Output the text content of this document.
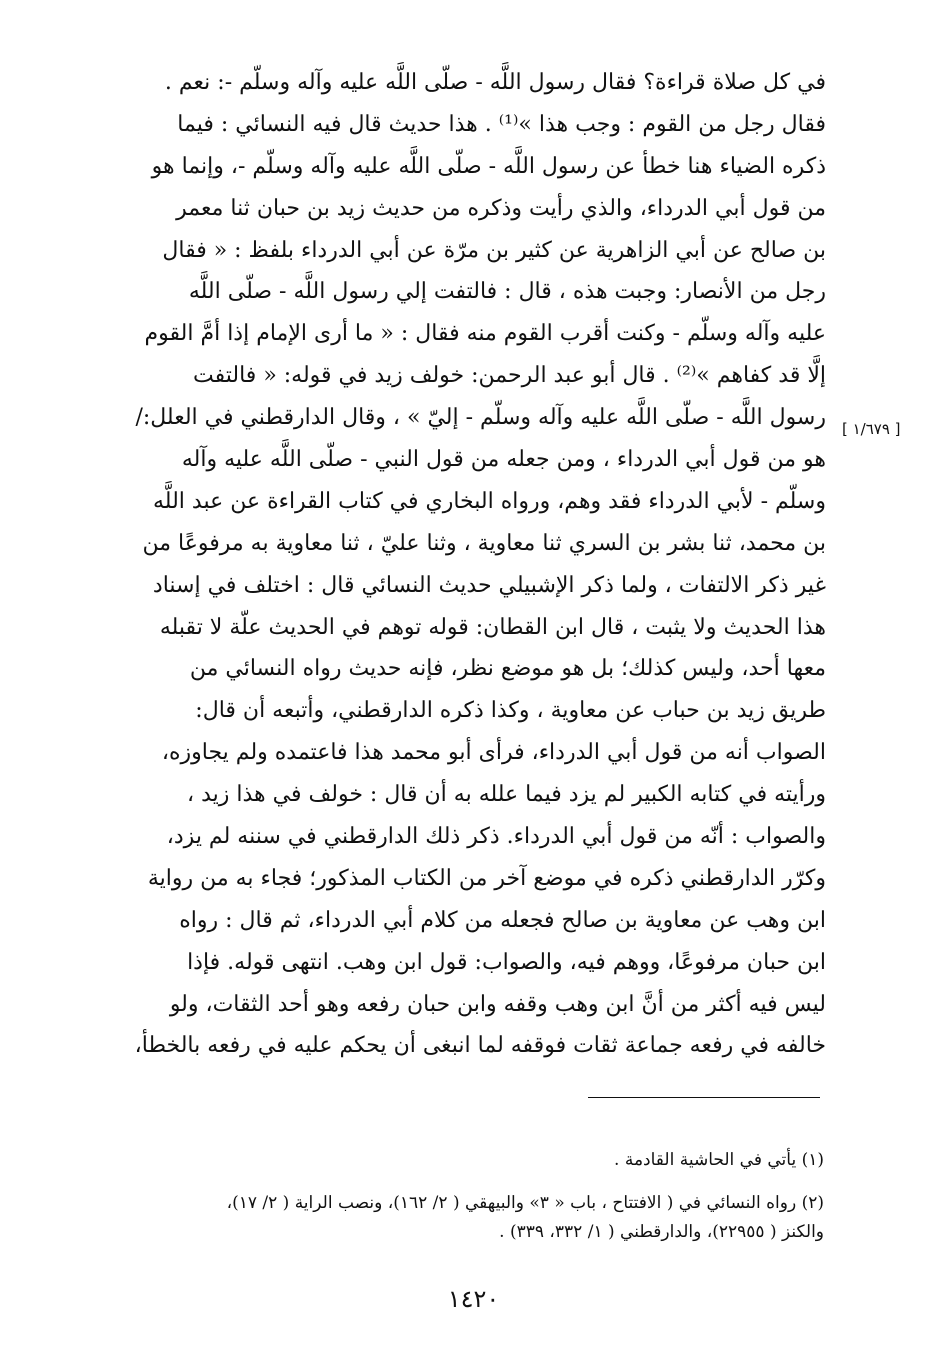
في كل صلاة قراءة؟ فقال رسول اللَّه - صلّى اللَّه عليه وآله وسلّم -: نعم .
فقال رجل من القوم : وجب هذا »⁽¹⁾ . هذا حديث قال فيه النسائي : فيما
ذكره الضياء هنا خطأ عن رسول اللَّه - صلّى اللَّه عليه وآله وسلّم -، وإنما هو
من قول أبي الدرداء، والذي رأيت وذكره من حديث زيد بن حبان ثنا معمر
بن صالح عن أبي الزاهرية عن كثير بن مرّة عن أبي الدرداء بلفظ : « فقال
رجل من الأنصار: وجبت هذه ، قال : فالتفت إلي رسول اللَّه - صلّى اللَّه
عليه وآله وسلّم - وكنت أقرب القوم منه فقال : « ما أرى الإمام إذا أمَّ القوم
إلَّا قد كفاهم »⁽²⁾ . قال أبو عبد الرحمن: خولف زيد في قوله: « فالتفت
رسول اللَّه - صلّى اللَّه عليه وآله وسلّم - إليّ » ، وقال الدارقطني في العلل:/
هو من قول أبي الدرداء ، ومن جعله من قول النبي - صلّى اللَّه عليه وآله
وسلّم - لأبي الدرداء فقد وهم، ورواه البخاري في كتاب القراءة عن عبد اللَّه
بن محمد، ثنا بشر بن السري ثنا معاوية ، وثنا عليّ ، ثنا معاوية به مرفوعًا من
غير ذكر الالتفات ، ولما ذكر الإشبيلي حديث النسائي قال : اختلف في إسناد
هذا الحديث ولا يثبت ، قال ابن القطان: قوله توهم في الحديث علّة لا تقبله
معها أحد، وليس كذلك؛ بل هو موضع نظر، فإنه حديث رواه النسائي من
طريق زيد بن حباب عن معاوية ، وكذا ذكره الدارقطني، وأتبعه أن قال:
الصواب أنه من قول أبي الدرداء، فرأى أبو محمد هذا فاعتمده ولم يجاوزه،
ورأيته في كتابه الكبير لم يزد فيما علله به أن قال : خولف في هذا زيد ،
والصواب : أنّه من قول أبي الدرداء. ذكر ذلك الدارقطني في سننه لم يزد،
وكرّر الدارقطني ذكره في موضع آخر من الكتاب المذكور؛ فجاء به من رواية
ابن وهب عن معاوية بن صالح فجعله من كلام أبي الدرداء، ثم قال : رواه
ابن حبان مرفوعًا، ووهم فيه، والصواب: قول ابن وهب. انتهى قوله. فإذا
ليس فيه أكثر من أنَّ ابن وهب وقفه وابن حبان رفعه وهو أحد الثقات، ولو
خالفه في رفعه جماعة ثقات فوقفه لما انبغى أن يحكم عليه في رفعه بالخطأ،
[ ١/٦٧٩ ]
(١) يأتي في الحاشية القادمة .
(٢) رواه النسائي في ( الافتتاح ، باب « ٣» والبيهقي ( ٢/ ١٦٢)، ونصب الراية ( ٢/ ١٧)،
والكنز ( ٢٢٩٥٥)، والدارقطني ( ١/ ٣٣٢، ٣٣٩) .
١٤٢٠
